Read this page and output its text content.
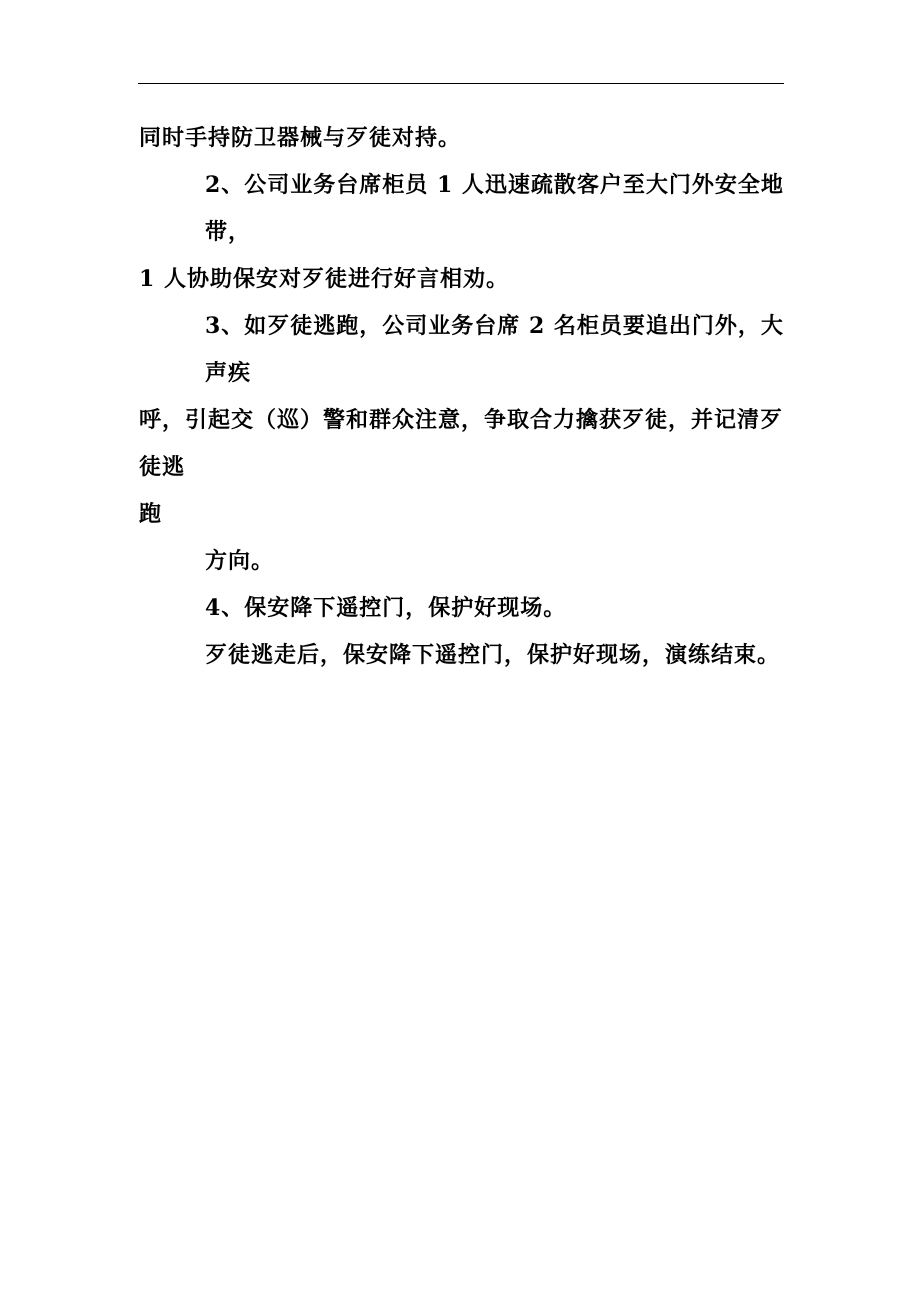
同时手持防卫器械与歹徒对持。

2、公司业务台席柜员 1 人迅速疏散客户至大门外安全地带，

1 人协助保安对歹徒进行好言相劝。

3、如歹徒逃跑，公司业务台席 2 名柜员要追出门外，大声疾

呼，引起交（巡）警和群众注意，争取合力擒获歹徒，并记清歹徒逃

跑

方向。

4、保安降下遥控门，保护好现场。

歹徒逃走后，保安降下遥控门，保护好现场，演练结束。
